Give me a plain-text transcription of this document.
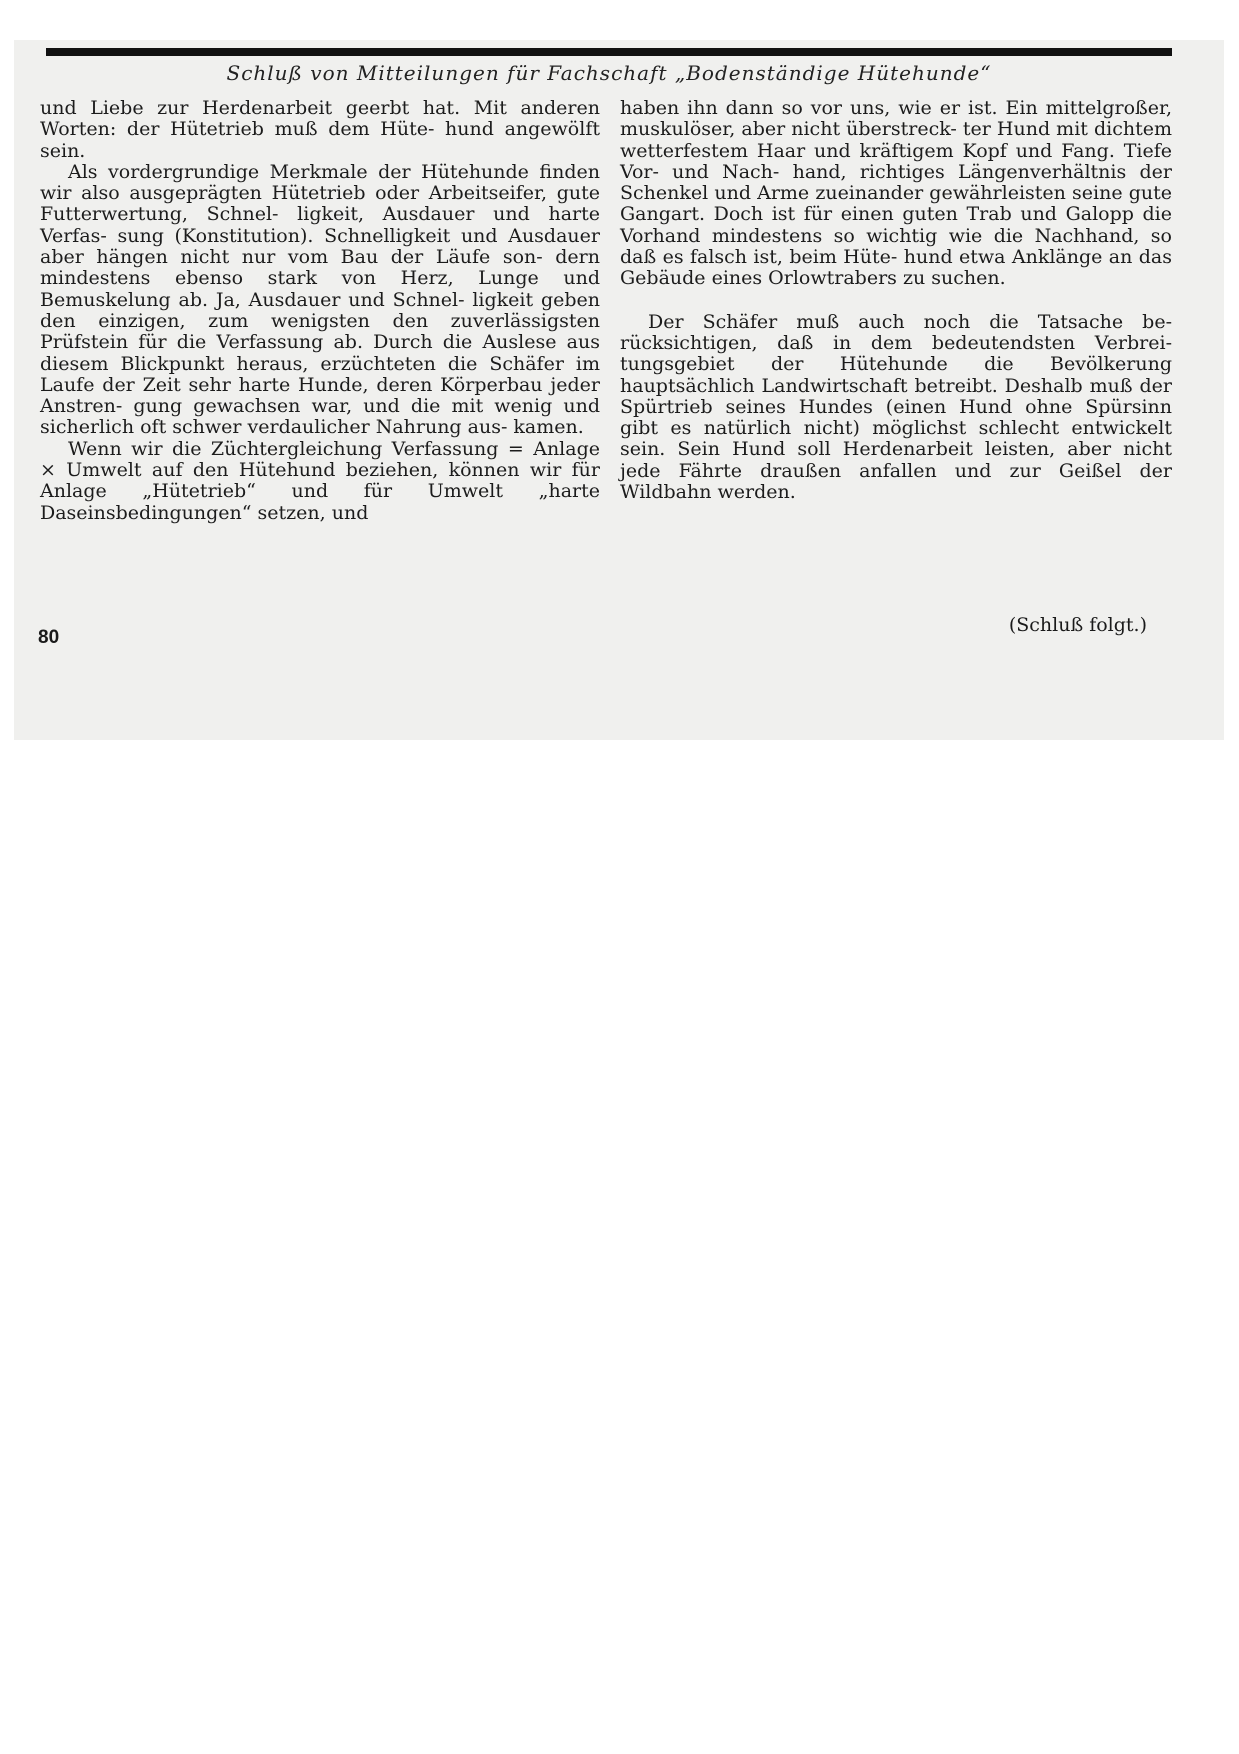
Schluß von Mitteilungen für Fachschaft „Bodenständige Hütehunde“

und Liebe zur Herdenarbeit geerbt hat. Mit anderen Worten: der Hütetrieb muß dem Hüte- hund angewölft sein.

Als vordergrundige Merkmale der Hütehunde finden wir also ausgeprägten Hütetrieb oder Arbeitseifer, gute Futterwertung, Schnel- ligkeit, Ausdauer und harte Verfas- sung (Konstitution). Schnelligkeit und Ausdauer aber hängen nicht nur vom Bau der Läufe son- dern mindestens ebenso stark von Herz, Lunge und Bemuskelung ab. Ja, Ausdauer und Schnel- ligkeit geben den einzigen, zum wenigsten den zuverlässigsten Prüfstein für die Verfassung ab. Durch die Auslese aus diesem Blickpunkt heraus, erzüchteten die Schäfer im Laufe der Zeit sehr harte Hunde, deren Körperbau jeder Anstren- gung gewachsen war, und die mit wenig und sicherlich oft schwer verdaulicher Nahrung aus- kamen.

Wenn wir die Züchtergleichung Verfassung = Anlage × Umwelt auf den Hütehund beziehen, können wir für Anlage „Hütetrieb“ und für Umwelt „harte Daseinsbedingungen“ setzen, und

haben ihn dann so vor uns, wie er ist. Ein mittelgroßer, muskulöser, aber nicht überstreck- ter Hund mit dichtem wetterfestem Haar und kräftigem Kopf und Fang. Tiefe Vor- und Nach- hand, richtiges Längenverhältnis der Schenkel und Arme zueinander gewährleisten seine gute Gangart. Doch ist für einen guten Trab und Galopp die Vorhand mindestens so wichtig wie die Nachhand, so daß es falsch ist, beim Hüte- hund etwa Anklänge an das Gebäude eines Orlowtrabers zu suchen.

Der Schäfer muß auch noch die Tatsache be- rücksichtigen, daß in dem bedeutendsten Verbrei- tungsgebiet der Hütehunde die Bevölkerung hauptsächlich Landwirtschaft betreibt. Deshalb muß der Spürtrieb seines Hundes (einen Hund ohne Spürsinn gibt es natürlich nicht) möglichst schlecht entwickelt sein. Sein Hund soll Herdenarbeit leisten, aber nicht jede Fährte draußen anfallen und zur Geißel der Wildbahn werden.

80
(Schluß folgt.)
